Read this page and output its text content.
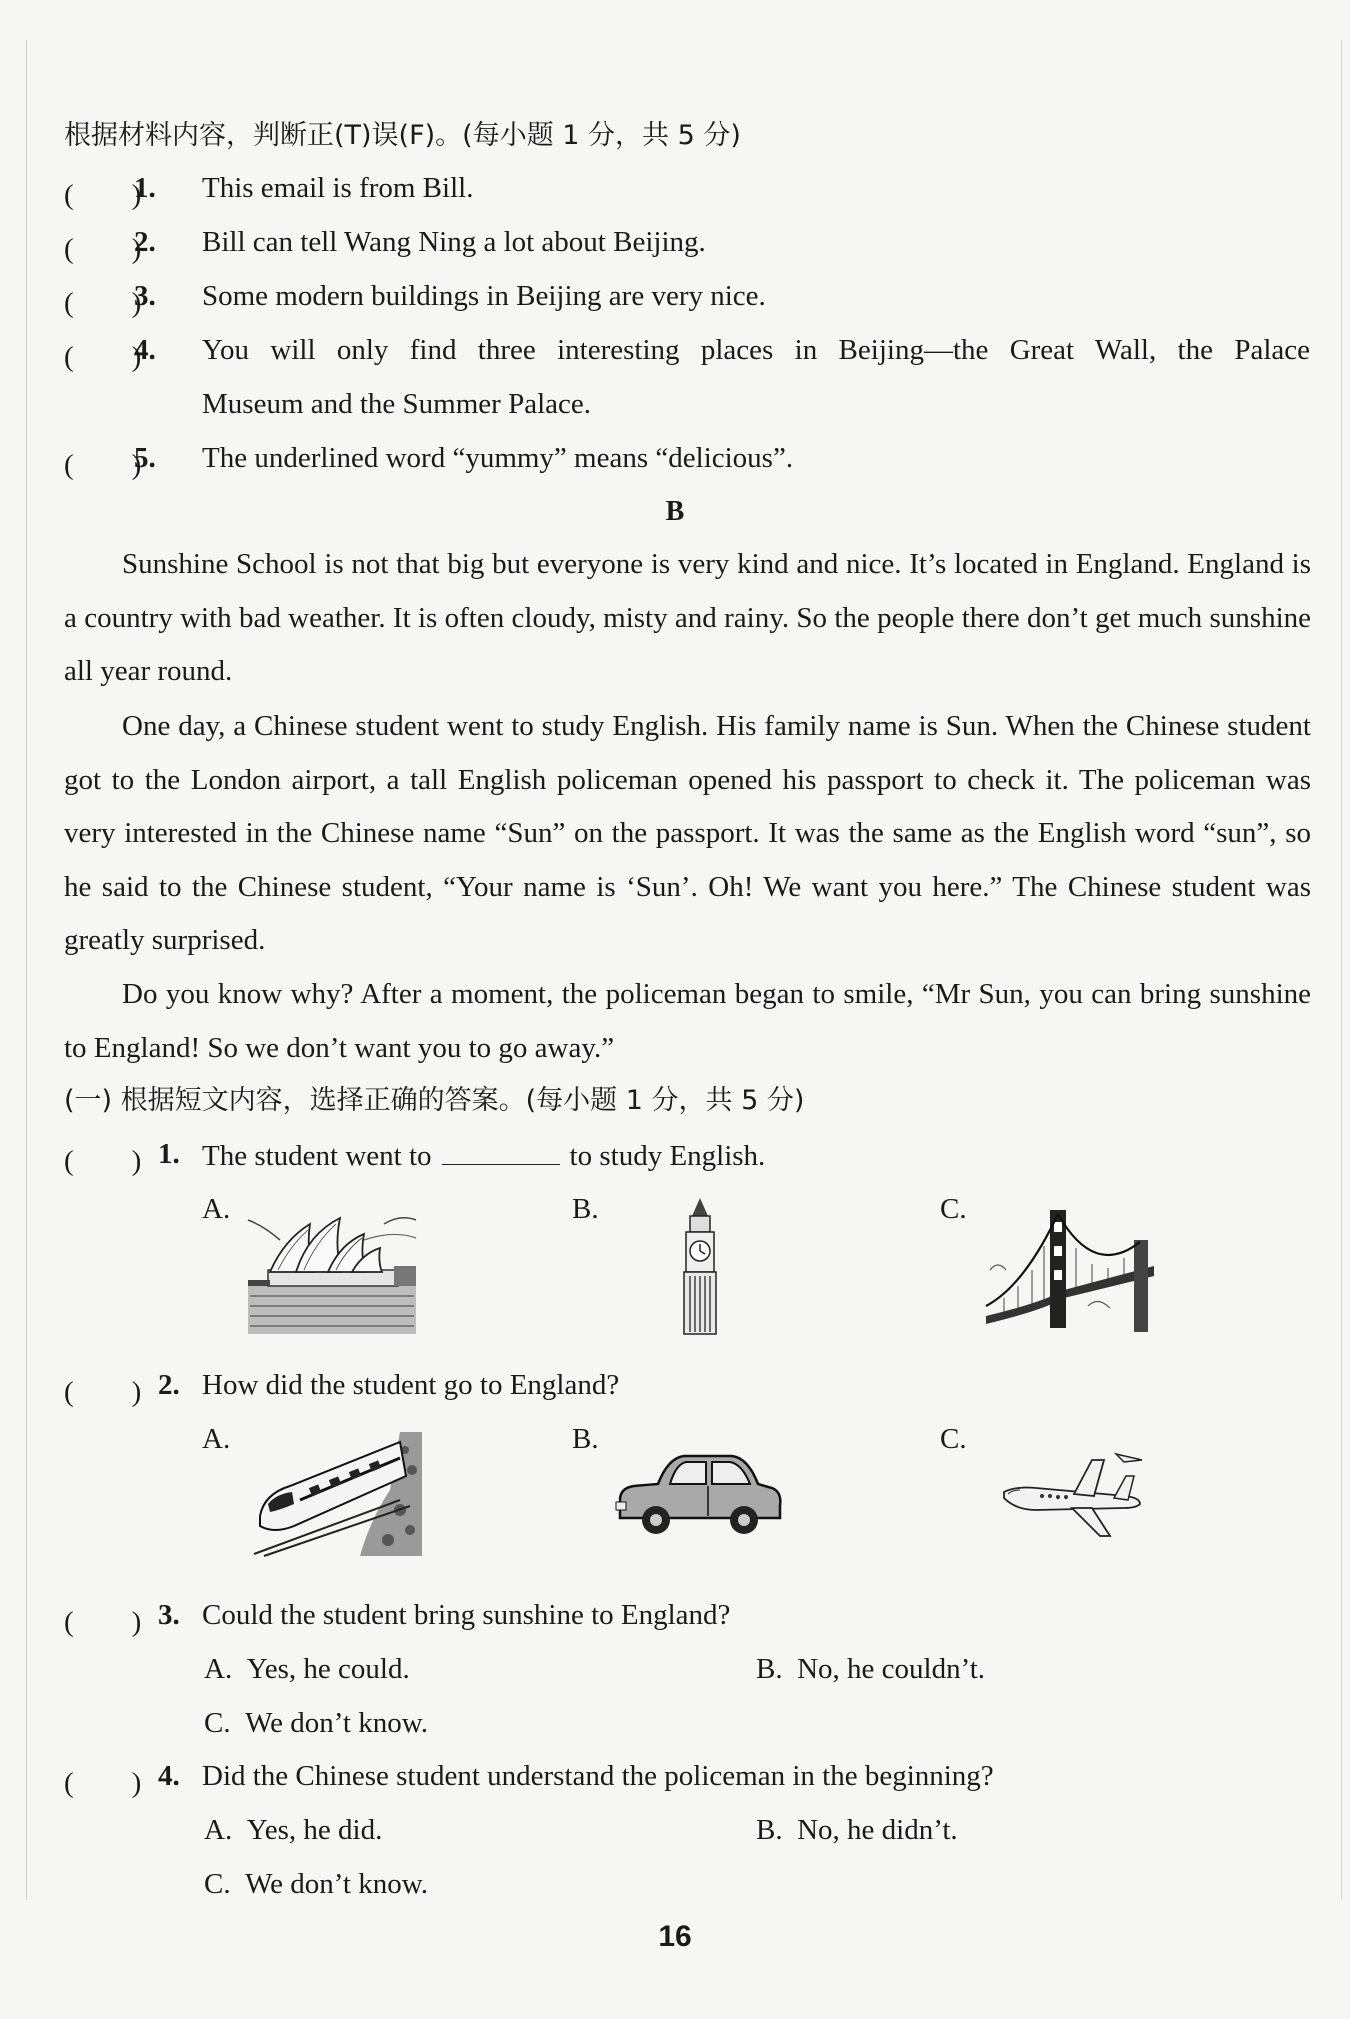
根据材料内容，判断正(T)误(F)。(每小题 1 分，共 5 分)
(　　)
1. This email is from Bill.
(　　)
2. Bill can tell Wang Ning a lot about Beijing.
(　　)
3. Some modern buildings in Beijing are very nice.
(　　)
4. You will only find three interesting places in Beijing—the Great Wall, the Palace
Museum and the Summer Palace.
(　　)
5. The underlined word “yummy” means “delicious”.
B
Sunshine School is not that big but everyone is very kind and nice. It’s located in England. England is a country with bad weather. It is often cloudy, misty and rainy. So the people there don’t get much sunshine all year round.
One day, a Chinese student went to study English. His family name is Sun. When the Chinese student got to the London airport, a tall English policeman opened his passport to check it. The policeman was very interested in the Chinese name “Sun” on the passport. It was the same as the English word “sun”, so he said to the Chinese student, “Your name is ‘Sun’. Oh! We want you here.” The Chinese student was greatly surprised.
Do you know why? After a moment, the policeman began to smile, “Mr Sun, you can bring sunshine to England! So we don’t want you to go away.”
(一) 根据短文内容，选择正确的答案。(每小题 1 分，共 5 分)
(　　) 1. The student went to	to study English.
A.	B.	C.
(　　) 2. How did the student go to England?
A.	B.	C.
(　　) 3. Could the student bring sunshine to England?
A. Yes, he could.	B. No, he couldn’t.
C. We don’t know.
(　　) 4. Did the Chinese student understand the policeman in the beginning?
A. Yes, he did.	B. No, he didn’t.
C. We don’t know.
16
